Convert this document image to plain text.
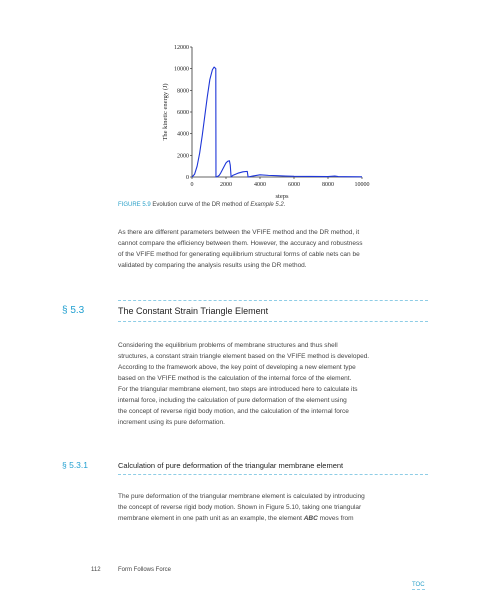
0
2000
4000
6000
8000
10000
12000
0	2000	4000	6000	8000	10000
steps
The kinetic energy (J)
FIGURE 5.9 Evolution curve of the DR method of Example 5.2.

As there are different parameters between the VFIFE method and the DR method, it

cannot compare the efficiency between them. However, the accuracy and robustness

of the VFIFE method for generating equilibrium structural forms of cable nets can be

validated by comparing the analysis results using the DR method.

§ 5.3	The Constant Strain Triangle Element

Considering the equilibrium problems of membrane structures and thus shell

structures, a constant strain triangle element based on the VFIFE method is developed.

According to the framework above, the key point of developing a new element type

based on the VFIFE method is the calculation of the internal force of the element.

For the triangular membrane element, two steps are introduced here to calculate its

internal force, including the calculation of pure deformation of the element using

the concept of reverse rigid body motion, and the calculation of the internal force

increment using its pure deformation.

§ 5.3.1	Calculation of pure deformation of the triangular membrane element

The pure deformation of the triangular membrane element is calculated by introducing

the concept of reverse rigid body motion. Shown in Figure 5.10, taking one triangular

membrane element in one path unit as an example, the element ABC moves from

112	Form Follows Force
TOC
